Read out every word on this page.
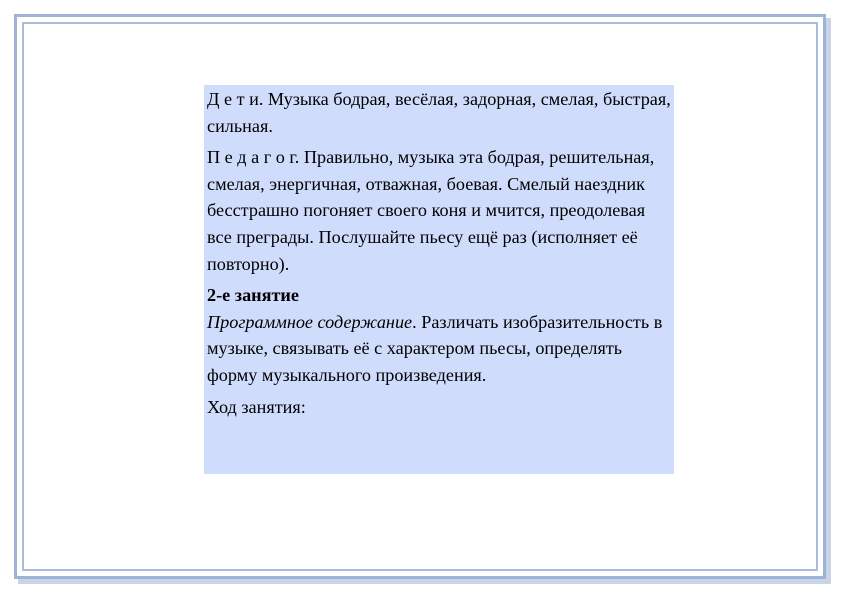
Д е т и. Музыка бодрая, весёлая, задорная, смелая, быстрая, сильная.

П е д а г о г. Правильно, музыка эта бодрая, решительная, смелая, энергичная, отважная, боевая. Смелый наездник бесстрашно погоняет своего коня и мчится, преодолевая все преграды. Послушайте пьесу ещё раз (исполняет её повторно).

2-е занятие
Программное содержание. Различать изобразительность в музыке, связывать её с характером пьесы, определять форму музыкального произведения.

Ход занятия:
